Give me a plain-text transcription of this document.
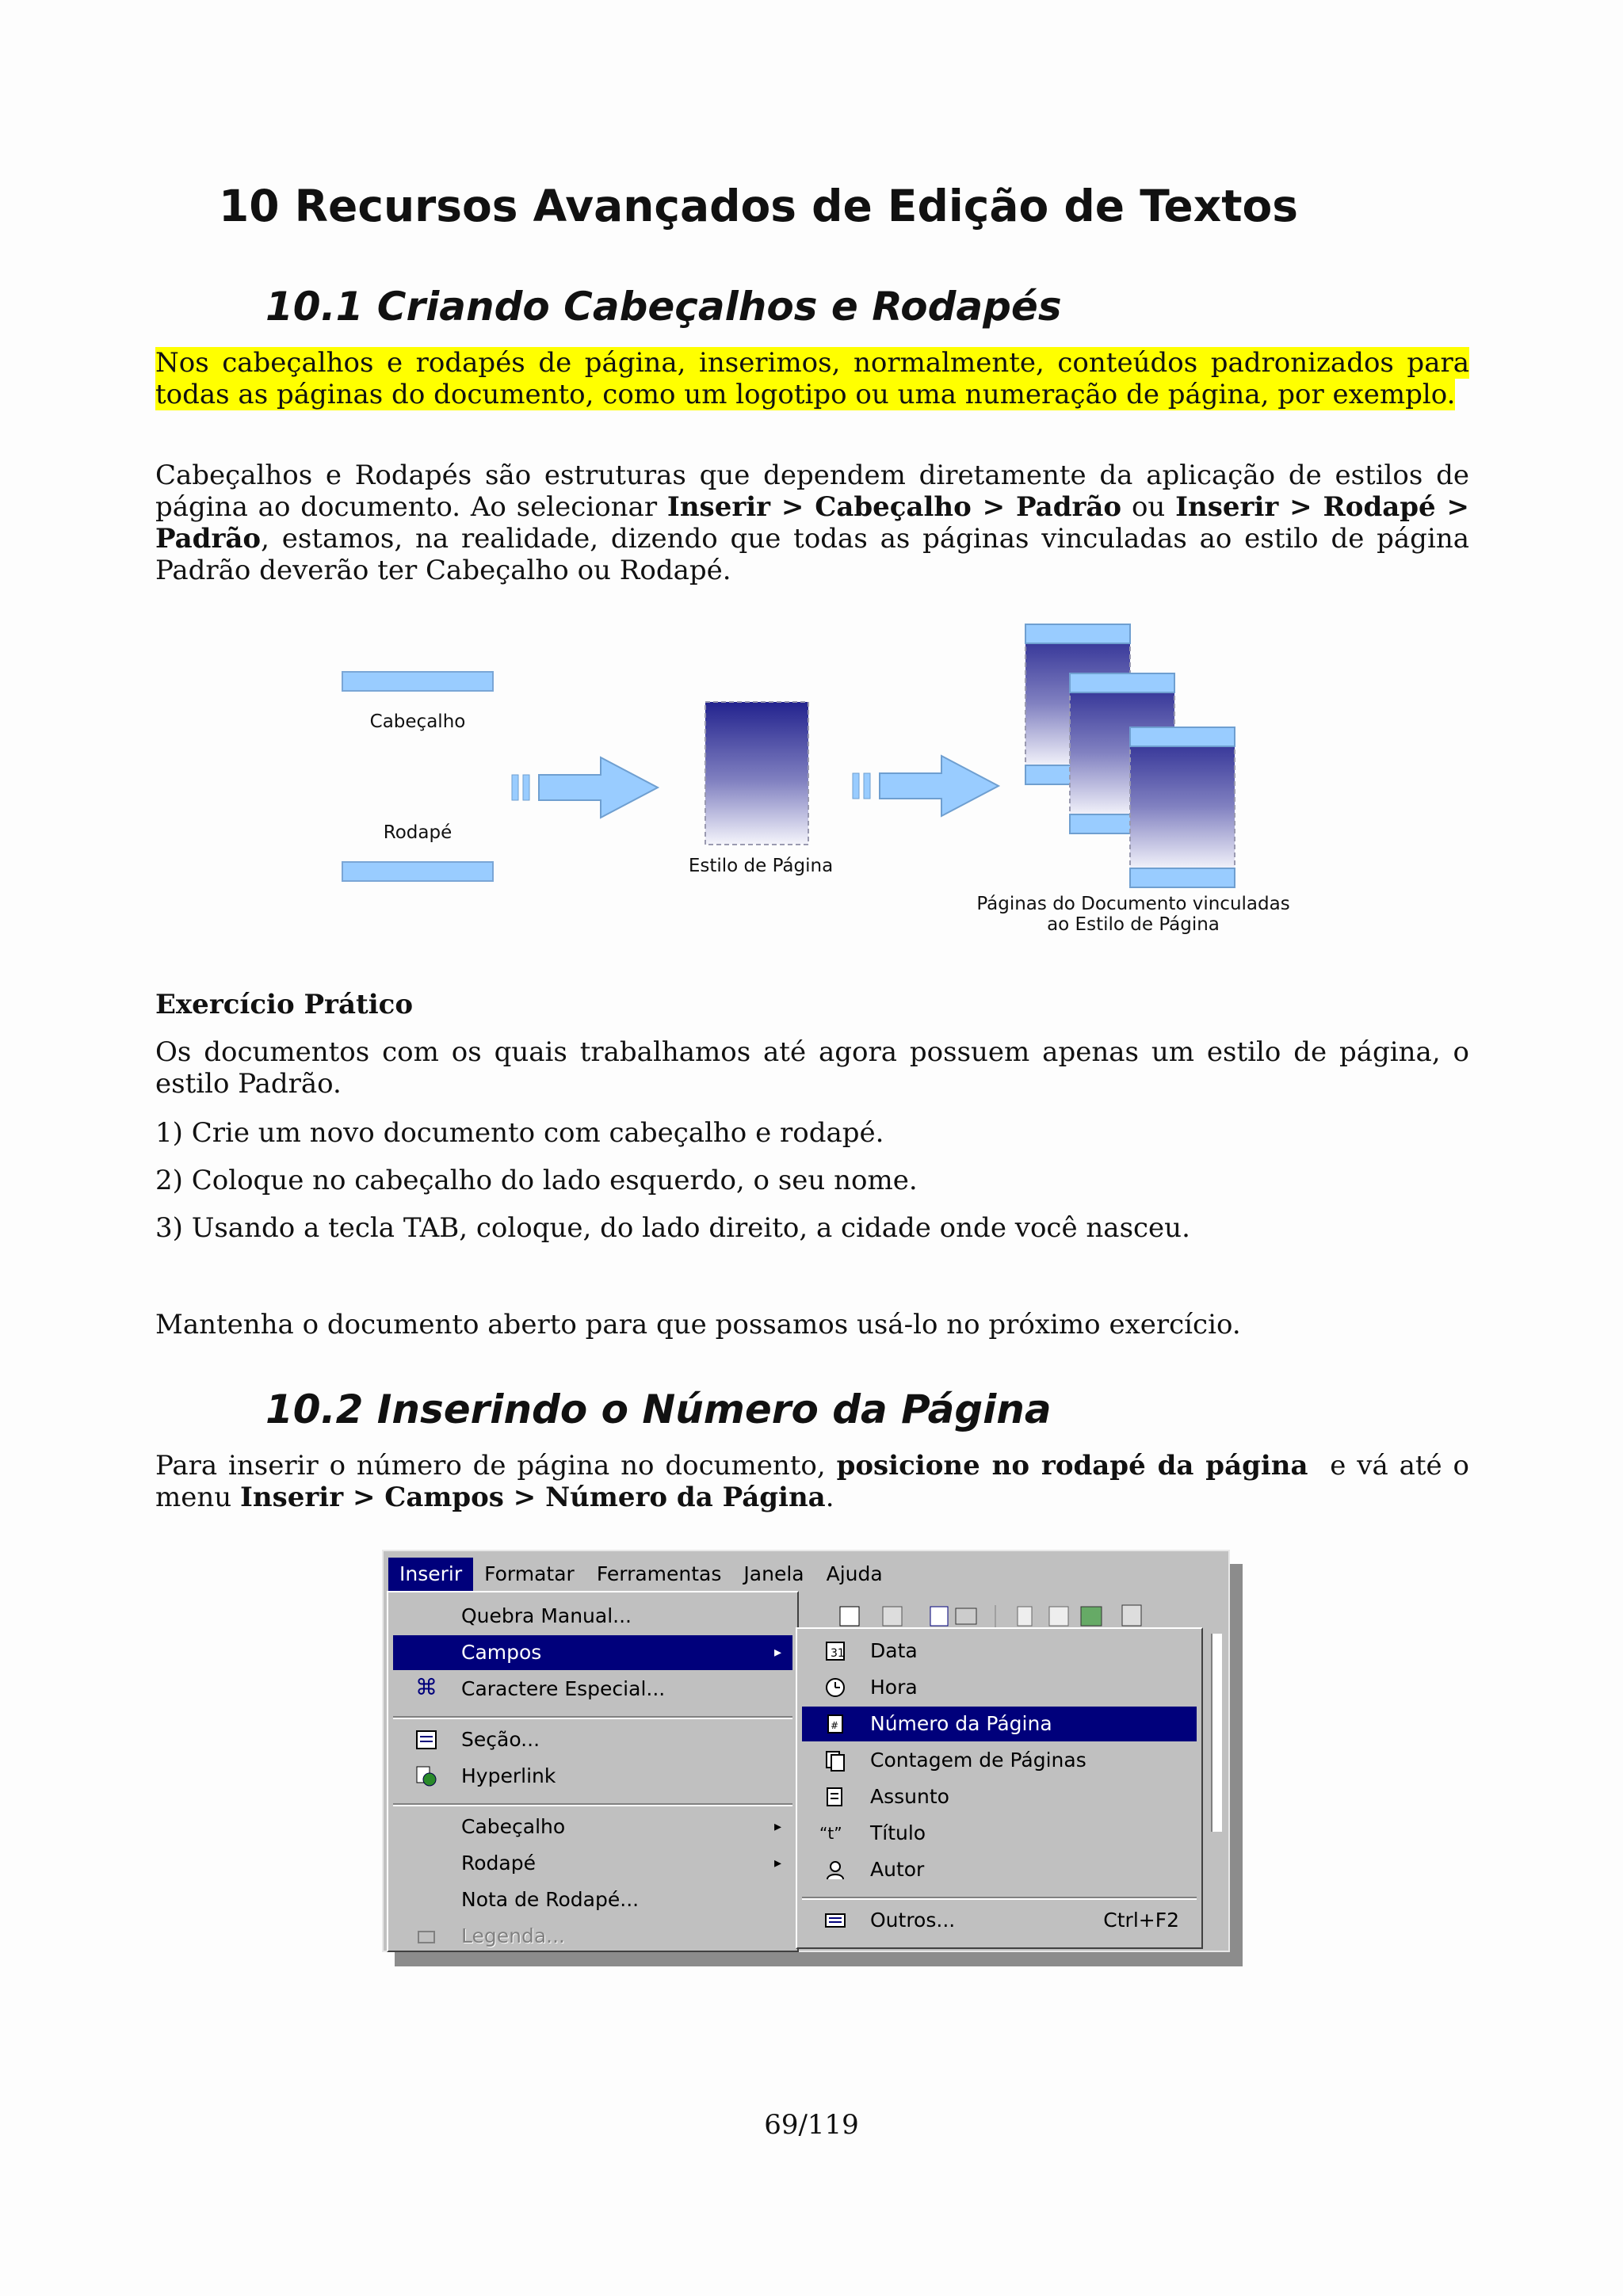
10 Recursos Avançados de Edição de Textos
10.1 Criando Cabeçalhos e Rodapés
Nos cabeçalhos e rodapés de página, inserimos, normalmente, conteúdos padronizados para todas as páginas do documento, como um logotipo ou uma numeração de página, por exemplo.
Cabeçalhos e Rodapés são estruturas que dependem diretamente da aplicação de estilos de página ao documento. Ao selecionar Inserir > Cabeçalho > Padrão ou Inserir > Rodapé > Padrão, estamos, na realidade, dizendo que todas as páginas vinculadas ao estilo de página Padrão deverão ter Cabeçalho ou Rodapé.
Cabeçalho
Rodapé
Estilo de Página
Páginas do Documento vinculadas
ao Estilo de Página
Exercício Prático
Os documentos com os quais trabalhamos até agora possuem apenas um estilo de página, o estilo Padrão.
1) Crie um novo documento com cabeçalho e rodapé.
2) Coloque no cabeçalho do lado esquerdo, o seu nome.
3) Usando a tecla TAB, coloque, do lado direito, a cidade onde você nasceu.
Mantenha o documento aberto para que possamos usá-lo no próximo exercício.
10.2 Inserindo o Número da Página
Para inserir o número de página no documento, posicione no rodapé da página  e vá até o menu Inserir > Campos > Número da Página.
Inserir	Formatar	Ferramentas	Janela	Ajuda
Quebra Manual...
Campos	▸
⌘ Caractere Especial...
Seção...
Hyperlink
Cabeçalho	▸
Rodapé	▸
Nota de Rodapé...
Legenda...
31 Data
Hora
# Número da Página
Contagem de Páginas
Assunto
“t”	Título
Autor
Outros...	Ctrl+F2
69/119
